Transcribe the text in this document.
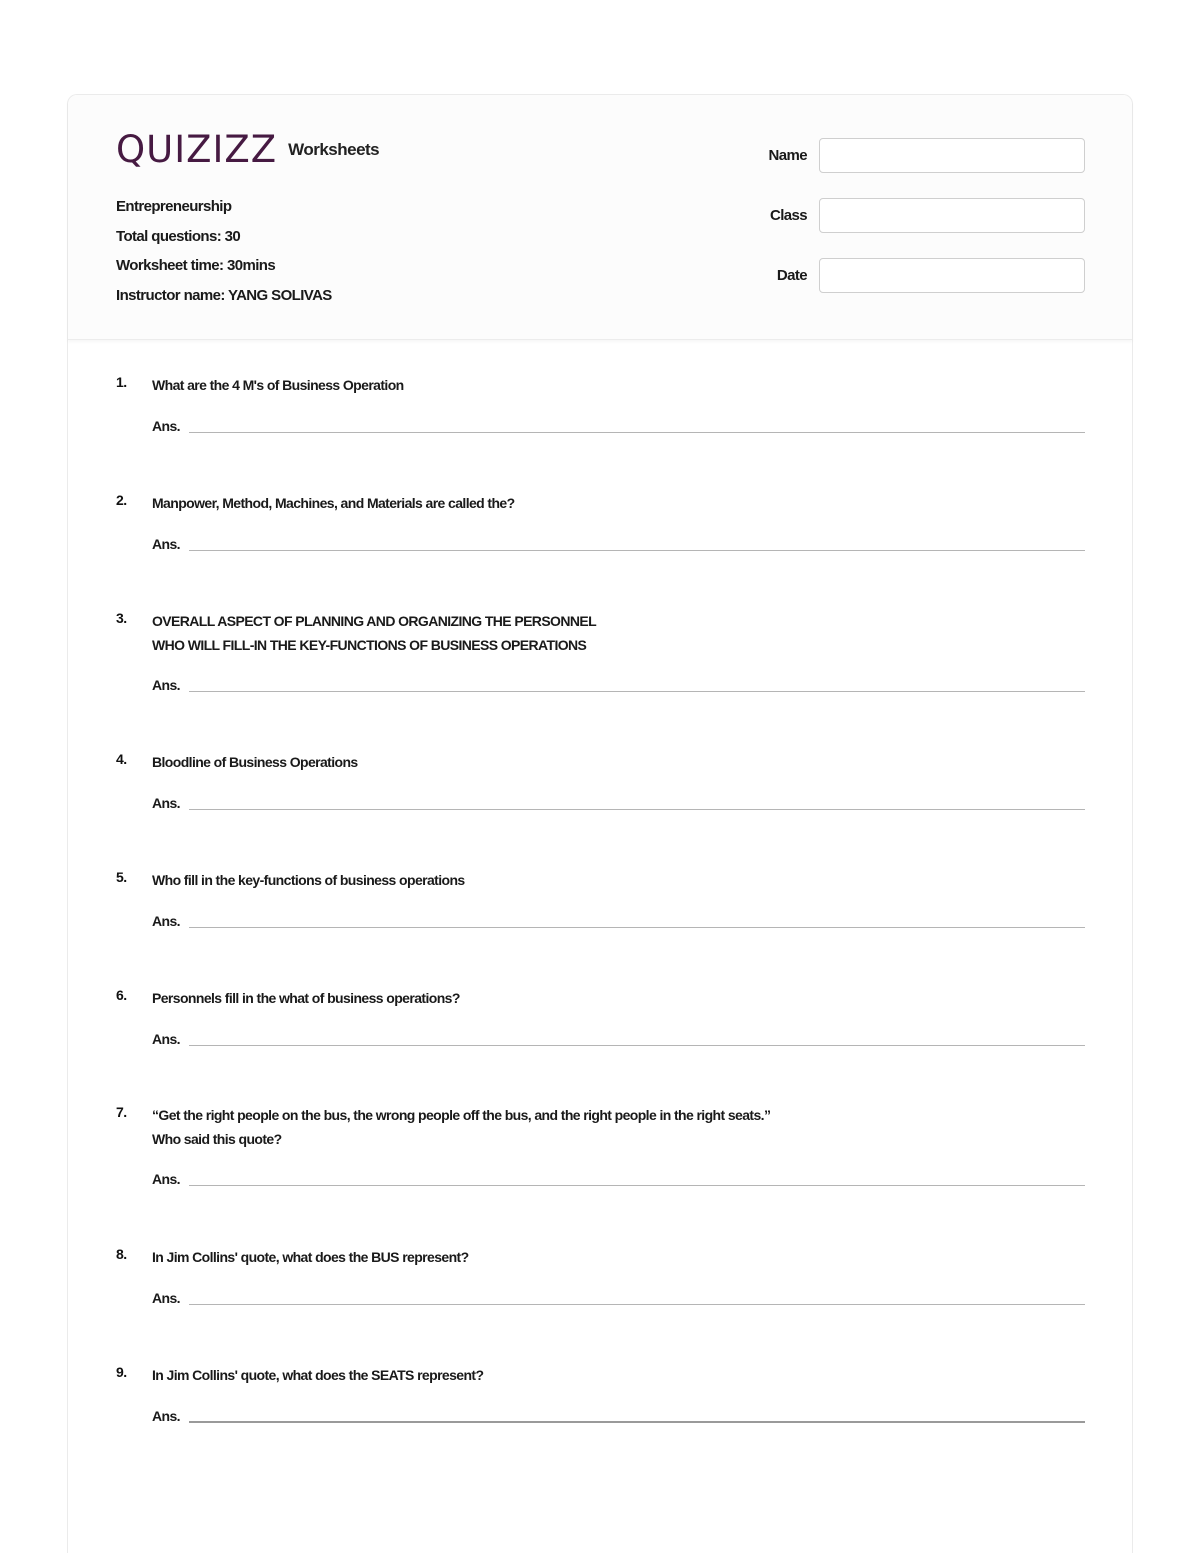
QUIZIZZ Worksheets
Entrepreneurship
Total questions: 30
Worksheet time: 30mins
Instructor name: YANG SOLIVAS
Name
Class
Date
1. What are the 4 M's of Business Operation
Ans.
2. Manpower, Method, Machines, and Materials are called the?
Ans.
3. OVERALL ASPECT OF PLANNING AND ORGANIZING THE PERSONNEL
WHO WILL FILL-IN THE KEY-FUNCTIONS OF BUSINESS OPERATIONS
Ans.
4. Bloodline of Business Operations
Ans.
5. Who fill in the key-functions of business operations
Ans.
6. Personnels fill in the what of business operations?
Ans.
7. “Get the right people on the bus, the wrong people off the bus, and the right people in the right seats.”
Who said this quote?
Ans.
8. In Jim Collins' quote, what does the BUS represent?
Ans.
9. In Jim Collins' quote, what does the SEATS represent?
Ans.
